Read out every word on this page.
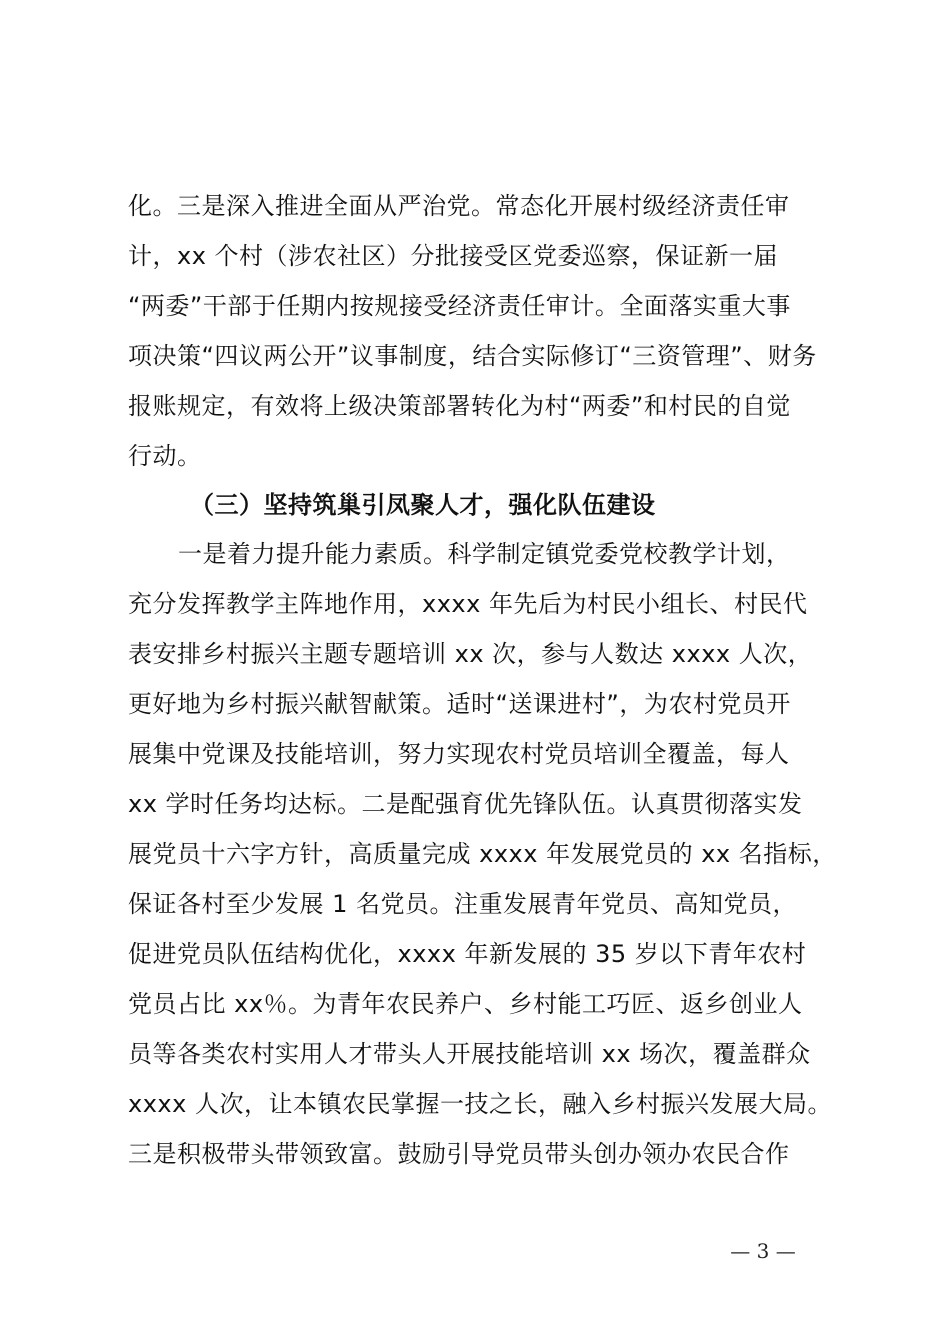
化。三是深入推进全面从严治党。常态化开展村级经济责任审
计，xx 个村（涉农社区）分批接受区党委巡察，保证新一届
“两委”干部于任期内按规接受经济责任审计。全面落实重大事
项决策“四议两公开”议事制度，结合实际修订“三资管理”、财务
报账规定，有效将上级决策部署转化为村“两委”和村民的自觉
行动。
（三）坚持筑巢引凤聚人才，强化队伍建设
一是着力提升能力素质。科学制定镇党委党校教学计划，
充分发挥教学主阵地作用，xxxx 年先后为村民小组长、村民代
表安排乡村振兴主题专题培训 xx 次，参与人数达 xxxx 人次，
更好地为乡村振兴献智献策。适时“送课进村”，为农村党员开
展集中党课及技能培训，努力实现农村党员培训全覆盖，每人
xx 学时任务均达标。二是配强育优先锋队伍。认真贯彻落实发
展党员十六字方针，高质量完成 xxxx 年发展党员的 xx 名指标，
保证各村至少发展 1 名党员。注重发展青年党员、高知党员，
促进党员队伍结构优化，xxxx 年新发展的 35 岁以下青年农村
党员占比 xx％。为青年农民养户、乡村能工巧匠、返乡创业人
员等各类农村实用人才带头人开展技能培训 xx 场次，覆盖群众
xxxx 人次，让本镇农民掌握一技之长，融入乡村振兴发展大局。
三是积极带头带领致富。鼓励引导党员带头创办领办农民合作
— 3 —
